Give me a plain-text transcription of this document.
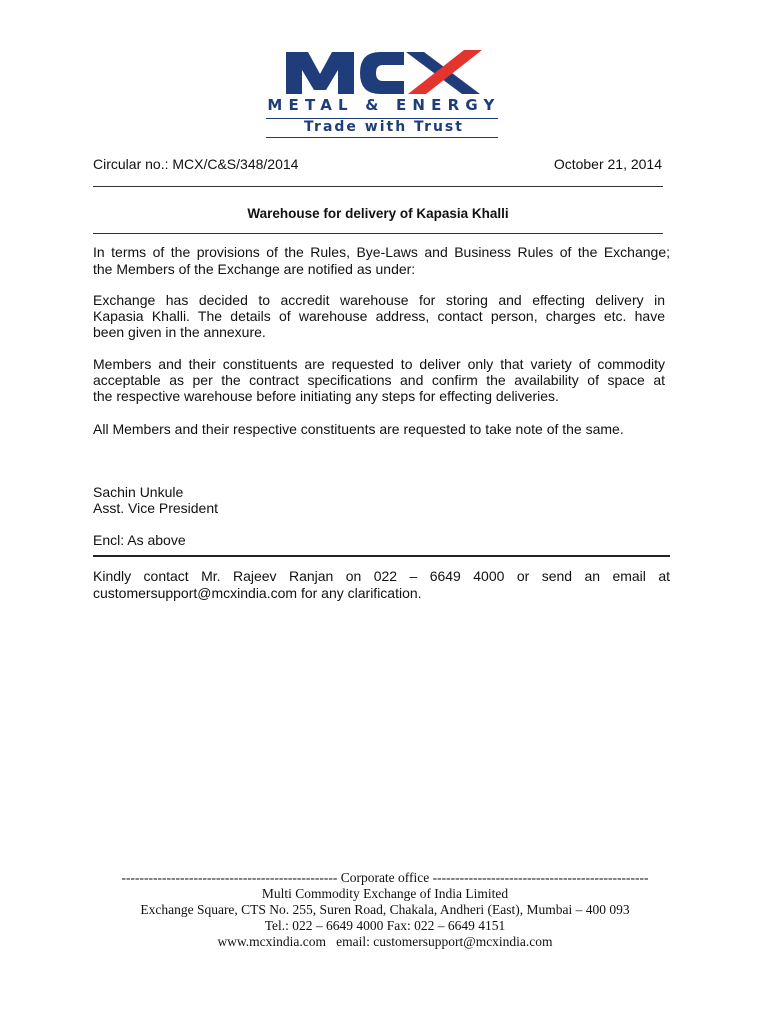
METAL & ENERGY
Trade with Trust
Circular no.: MCX/C&S/348/2014	October 21, 2014
Warehouse for delivery of Kapasia Khalli
In terms of the provisions of the Rules, Bye-Laws and Business Rules of the Exchange;
the Members of the Exchange are notified as under:
Exchange has decided to accredit warehouse for storing and effecting delivery in
Kapasia Khalli. The details of warehouse address, contact person, charges etc. have
been given in the annexure.
Members and their constituents are requested to deliver only that variety of commodity
acceptable as per the contract specifications and confirm the availability of space at
the respective warehouse before initiating any steps for effecting deliveries.
All Members and their respective constituents are requested to take note of the same.
Sachin Unkule
Asst. Vice President
Encl: As above
Kindly contact Mr. Rajeev Ranjan on 022 – 6649 4000 or send an email at
customersupport@mcxindia.com for any clarification.
------------------------------------------------ Corporate office ------------------------------------------------
Multi Commodity Exchange of India Limited
Exchange Square, CTS No. 255, Suren Road, Chakala, Andheri (East), Mumbai – 400 093
Tel.: 022 – 6649 4000 Fax: 022 – 6649 4151
www.mcxindia.com   email: customersupport@mcxindia.com
